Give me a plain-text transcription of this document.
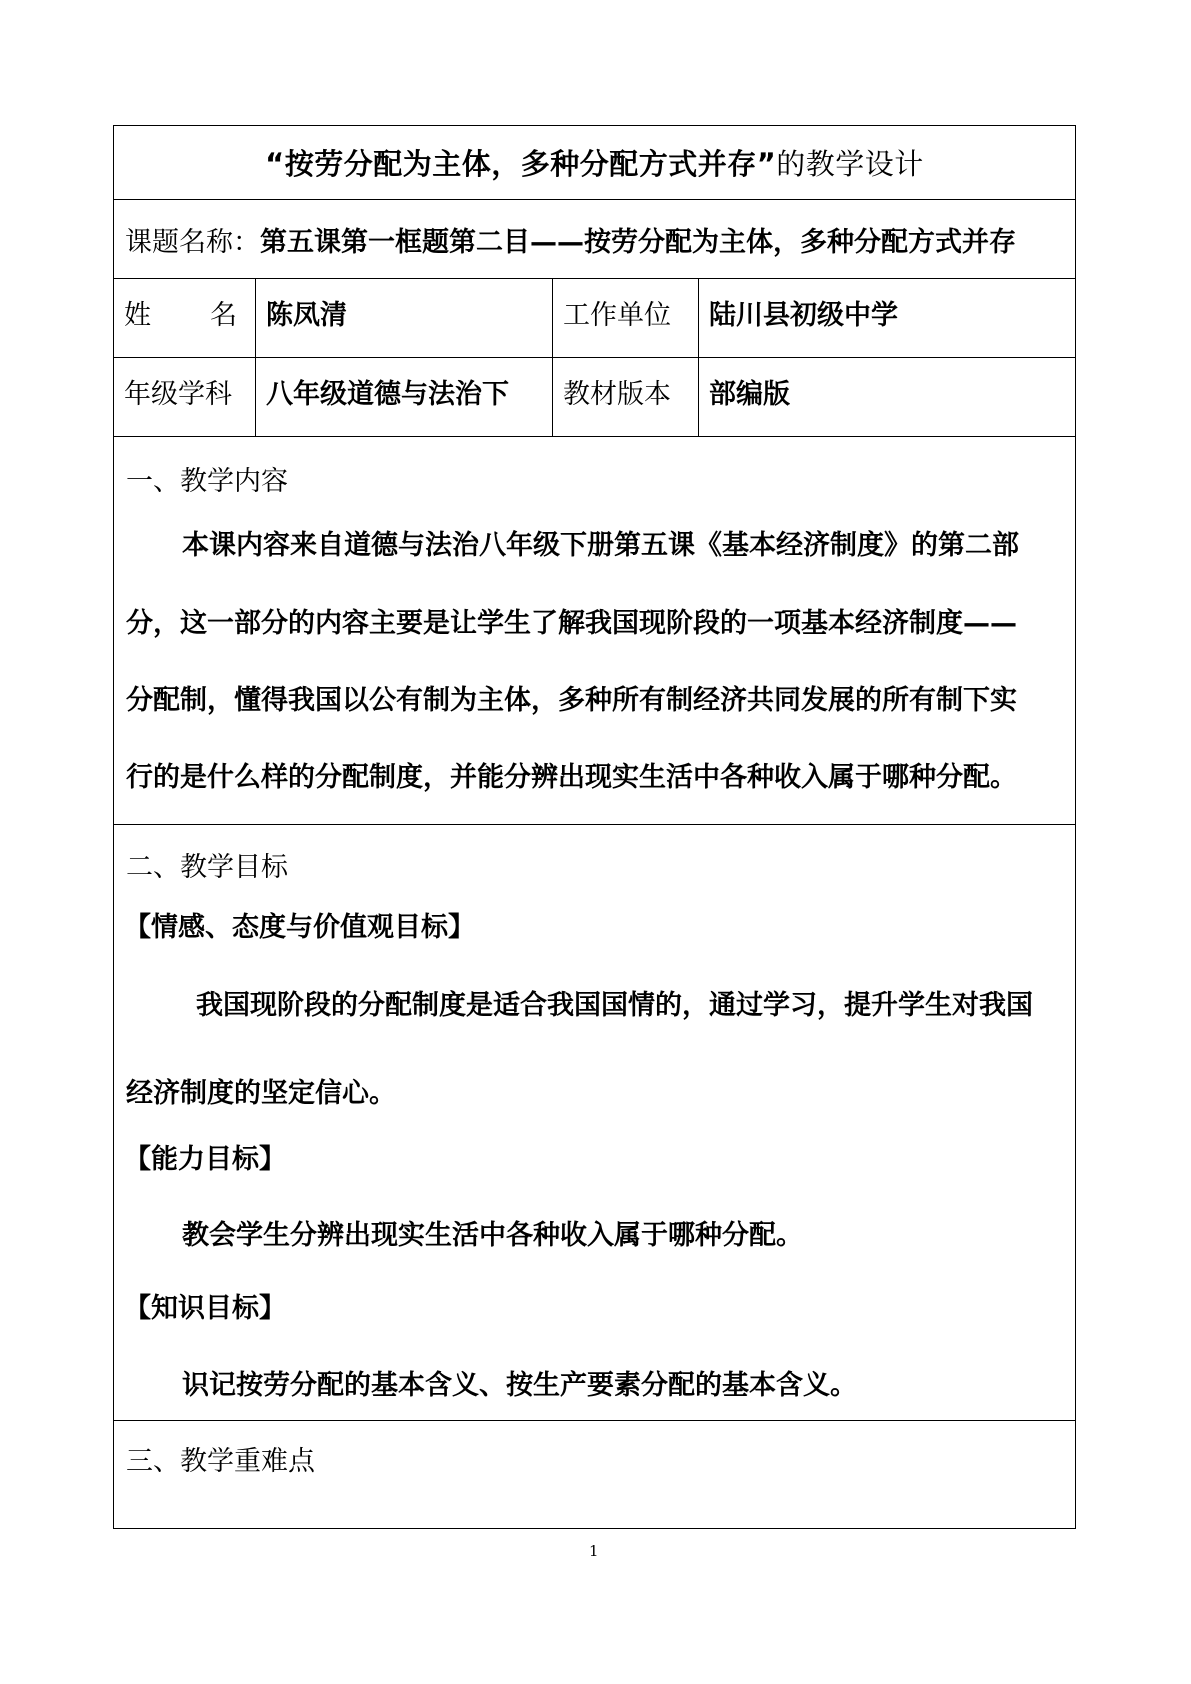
“按劳分配为主体，多种分配方式并存” 的教学设计
课题名称： 第五课第一框题第二目——按劳分配为主体，多种分配方式并存
姓 名	陈凤清	工作单位	陆川县初级中学
年级学科	八年级道德与法治下	教材版本	部编版
一、教学内容
本课内容来自道德与法治八年级下册第五课《基本经济制度》的第二部
分，这一部分的内容主要是让学生了解我国现阶段的一项基本经济制度——
分配制，懂得我国以公有制为主体，多种所有制经济共同发展的所有制下实
行的是什么样的分配制度，并能分辨出现实生活中各种收入属于哪种分配。
二、教学目标
【情感、态度与价值观目标】
我国现阶段的分配制度是适合我国国情的，通过学习，提升学生对我国
经济制度的坚定信心。
【能力目标】
教会学生分辨出现实生活中各种收入属于哪种分配。
【知识目标】
识记按劳分配的基本含义、按生产要素分配的基本含义。
三、教学重难点
1
